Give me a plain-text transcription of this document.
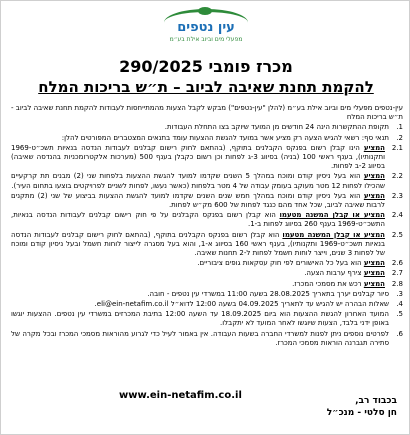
עין נטפים
מפעלי מים וביוב אילת בע״מ
מכרז פומבי 290/2025
להקמת תחנת שאיבה לביוב – ת״ש בריכות המלח

עין-נטפים מפעלי מים וביוב אילת בע״מ (להלן "עין-נטפים") מבקש לקבל הצעות מהמתייחסות לעבודות להקמת תחנת שאיבה לביוב - ת״ש בריכות המלח

1.
תקופת ההתקשרות הינה 24 חודשים מן המועד שיוקב בצו התחלת העבודות.
2.
תנאי סף: רשאי להגיש הצעה רק מציע אשר במועד להגשת ההצעות עומד בתנאים המצטברים המפורטים להלן:
2.1
המציע הינו קבלן רשום בפנקס הקבלנים בתוקף, (בהתאם לחוק רישום קבלנים לעבודות הנדסה בנאיות תשכ״ט-1969 ותקנותיו), בענף ראשי 100 (בניה) בסיווג 3-ג לפחות וכן רשום כקבלן בענף 500 (מערכות אלקטרומכניות בהנדסה שאיבה) בסיווג 2-ב לפחות.
2.2
המציע הוא בעל ניסיון קודם ומוכח במהלך 5 השנים שקדמו למועד להגשת ההצעות בלפחות שני (2) מבנים תת קרקעיים שהכילו לפחות 12 מטר מעוקב בעומק עבודה של 4 מטר בלפחות (כאשר נעשו, לפחות לשניים לפרויקטים בוצעו בתחום העיר).
2.3
המציע הוא בעל ניסיון קודם ומוכח במהלך חמש שנים השנים שקדמו למועד להגשת ההצעות בביצוע של שני (2) מתקנים לרבות שאיבה לביוב, שכל אחד מהם כנגד לפחות של 600 מק״ש לפחות.
2.4
המציע או קבלן המשנה מטעמו הוא קבלן רשום בפנקס הקבלנים על פי חוק רישום קבלנים לעבודות הנדסה בנאיות, התשכ״ט-1969 בענף 260 בסיווג לפחות ב-1.
2.5
המציע או קבלן המשנה מטעמו הוא קבלן רשום בפנקס הקבלנים בתוקף, (בהתאם לחוק רישום קבלנים לעבודות הנדסה בנאיות תשכ״ט-1969 ותקנותיו), בענף ראשי 160 בסיווג א-1, והוא בעל מסגרה לייצור לוחות חשמל ובעל ניסיון קודם ומוכח של לפחות 3 שנים, וייצר לוחות חשמל לפחות ל-2 תחנות שאיבה.
2.6
המציע הוא בעל כל האישורים לפי חוק עסקאות גופים ציבוריים.
2.7
המציע צירף ערבות הצעה.
2.8
המציע רכש את מסמכי המכרז.
3.
סיור קבלנים יערך בתאריך 28.08.2025 בשעה 11:00 במשרדי עין נטפים - חובה.
4.
שאלות הבהרה יש להגיש עד לתאריך 04.09.2025 בשעה 12:00 לדוא״ל eli@ein-netafim.co.il.
5.
המועד האחרון להגשת ההצעות הוא ביום 18.09.2025 עד השעה 12:00 בתיבת המכרזים במשרדי עין נטפים. ההצעות יוגשו באופן ידני בלבד, הצעות שיוגשו לאחר המועד לא יתקבלו.
6.
לפרטים נוספים ניתן לפנות למשרדי החברה בשעות העבודה. אין באמור לעיל כדי לגרוע מהוראות מסמכי המכרז ובכל מקרה של סתירה תגברנה הוראות מסמכי המכרז.
www.ein-netafim.co.il	בכבוד רב,
חן סלטי - מנכ״ל
